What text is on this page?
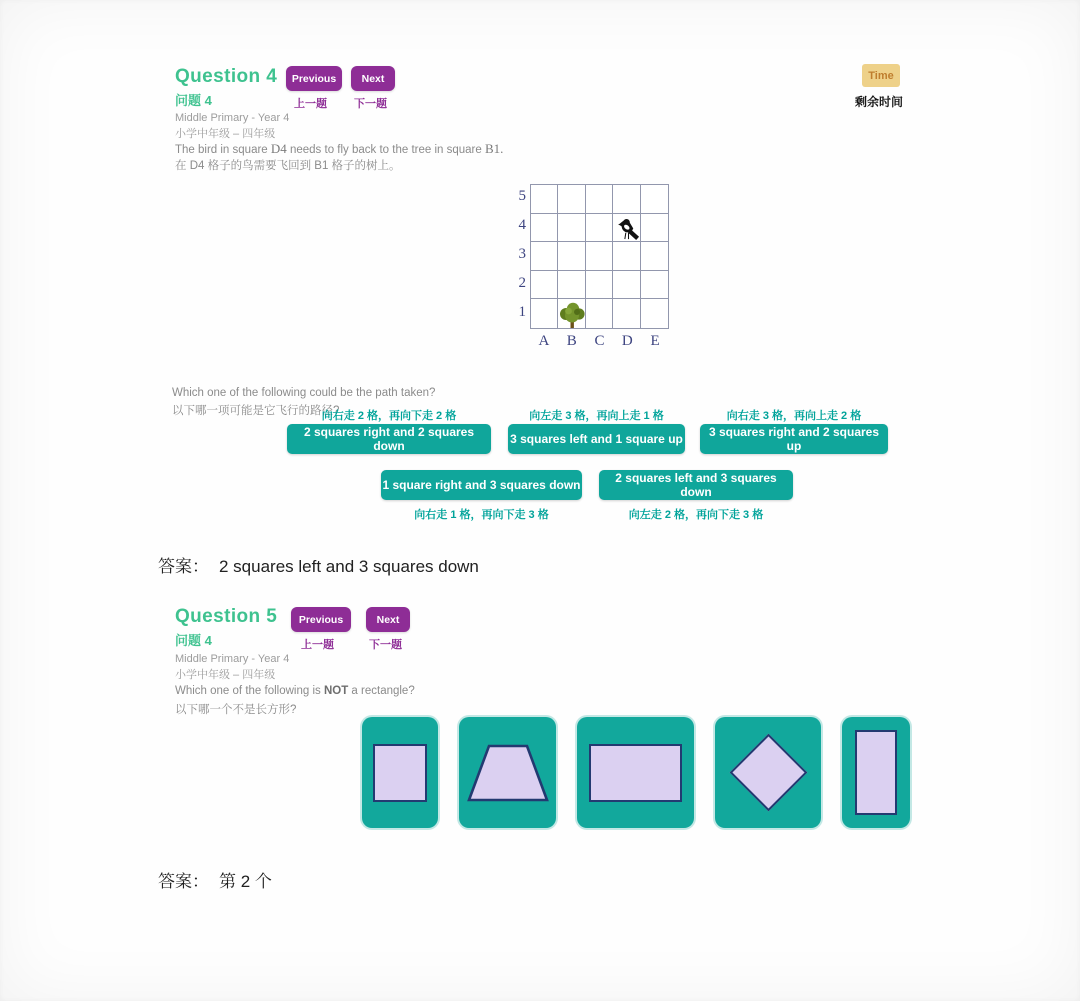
Question 4
问题 4
Previous
上一题
Next
下一题
Time
剩余时间
Middle Primary - Year 4
小学中年级 – 四年级
The bird in square D4 needs to fly back to the tree in square B1.
在 D4 格子的鸟需要飞回到 B1 格子的树上。
5
4
3
2
1
A	B	C	D	E
Which one of the following could be the path taken?
以下哪一项可能是它飞行的路径?
向右走 2 格，再向下走 2 格	向左走 3 格，再向上走 1 格	向右走 3 格，再向上走 2 格
2 squares right and 2 squares down	3 squares left and 1 square up	3 squares right and 2 squares up
1 square right and 3 squares down	2 squares left and 3 squares down
向右走 1 格，再向下走 3 格	向左走 2 格，再向下走 3 格
答案： 2 squares left and 3 squares down
Question 5
问题 4
Previous
上一题
Next
下一题
Middle Primary - Year 4
小学中年级 – 四年级
Which one of the following is NOT a rectangle?
以下哪一个不是长方形?
答案： 第 2 个
